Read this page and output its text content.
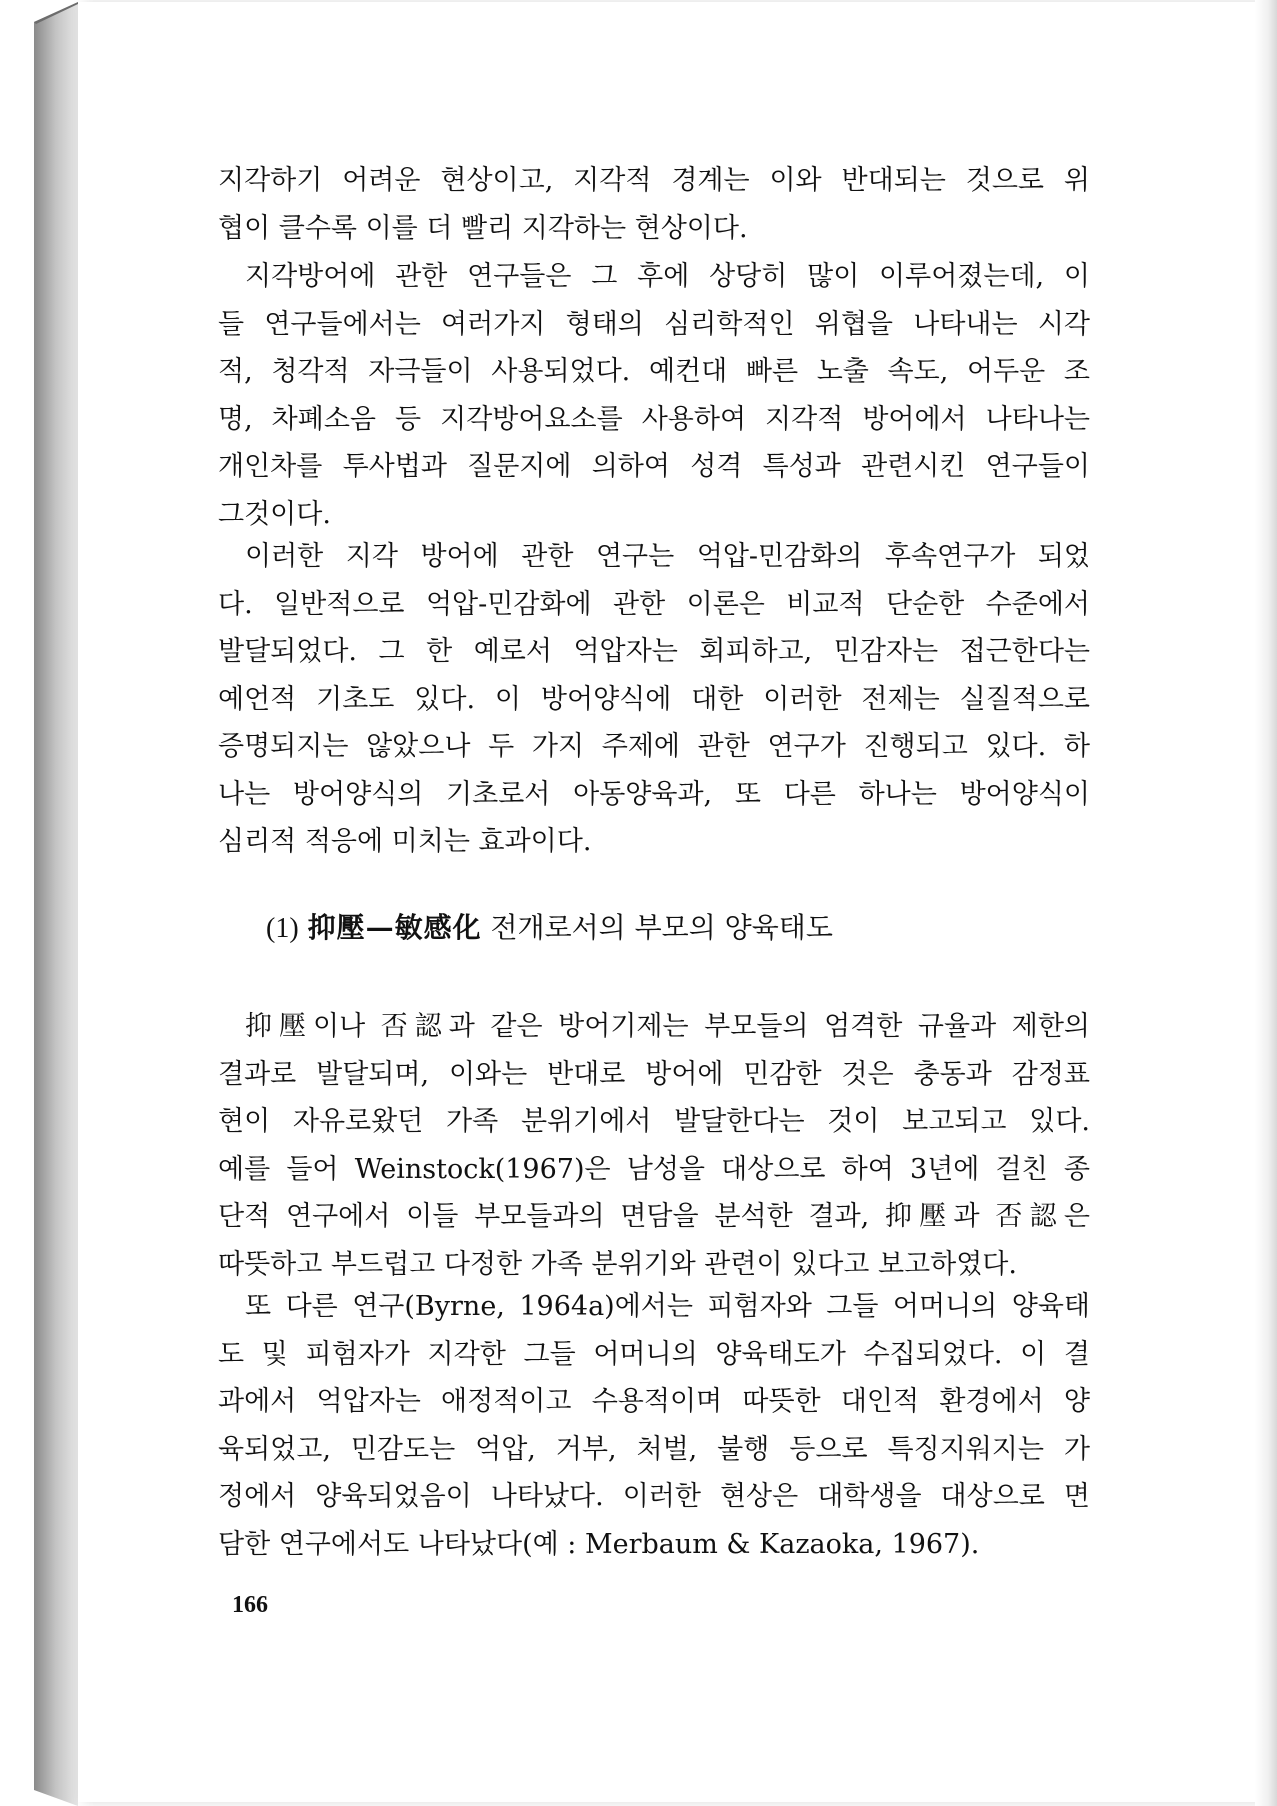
지각하기 어려운 현상이고, 지각적 경계는 이와 반대되는 것으로 위
협이 클수록 이를 더 빨리 지각하는 현상이다.
지각방어에 관한 연구들은 그 후에 상당히 많이 이루어졌는데, 이
들 연구들에서는 여러가지 형태의 심리학적인 위협을 나타내는 시각
적, 청각적 자극들이 사용되었다. 예컨대 빠른 노출 속도, 어두운 조
명, 차폐소음 등 지각방어요소를 사용하여 지각적 방어에서 나타나는
개인차를 투사법과 질문지에 의하여 성격 특성과 관련시킨 연구들이
그것이다.
이러한 지각 방어에 관한 연구는 억압-민감화의 후속연구가 되었
다. 일반적으로 억압-민감화에 관한 이론은 비교적 단순한 수준에서
발달되었다. 그 한 예로서 억압자는 회피하고, 민감자는 접근한다는
예언적 기초도 있다. 이 방어양식에 대한 이러한 전제는 실질적으로
증명되지는 않았으나 두 가지 주제에 관한 연구가 진행되고 있다. 하
나는 방어양식의 기초로서 아동양육과, 또 다른 하나는 방어양식이
심리적 적응에 미치는 효과이다.
(1) 抑壓—敏感化 전개로서의 부모의 양육태도
抑壓이나 否認과 같은 방어기제는 부모들의 엄격한 규율과 제한의
결과로 발달되며, 이와는 반대로 방어에 민감한 것은 충동과 감정표
현이 자유로왔던 가족 분위기에서 발달한다는 것이 보고되고 있다.
예를 들어 Weinstock(1967)은 남성을 대상으로 하여 3년에 걸친 종
단적 연구에서 이들 부모들과의 면담을 분석한 결과, 抑壓과 否認은
따뜻하고 부드럽고 다정한 가족 분위기와 관련이 있다고 보고하였다.
또 다른 연구(Byrne, 1964a)에서는 피험자와 그들 어머니의 양육태
도 및 피험자가 지각한 그들 어머니의 양육태도가 수집되었다. 이 결
과에서 억압자는 애정적이고 수용적이며 따뜻한 대인적 환경에서 양
육되었고, 민감도는 억압, 거부, 처벌, 불행 등으로 특징지워지는 가
정에서 양육되었음이 나타났다. 이러한 현상은 대학생을 대상으로 면
담한 연구에서도 나타났다(예 : Merbaum & Kazaoka, 1967).
166
